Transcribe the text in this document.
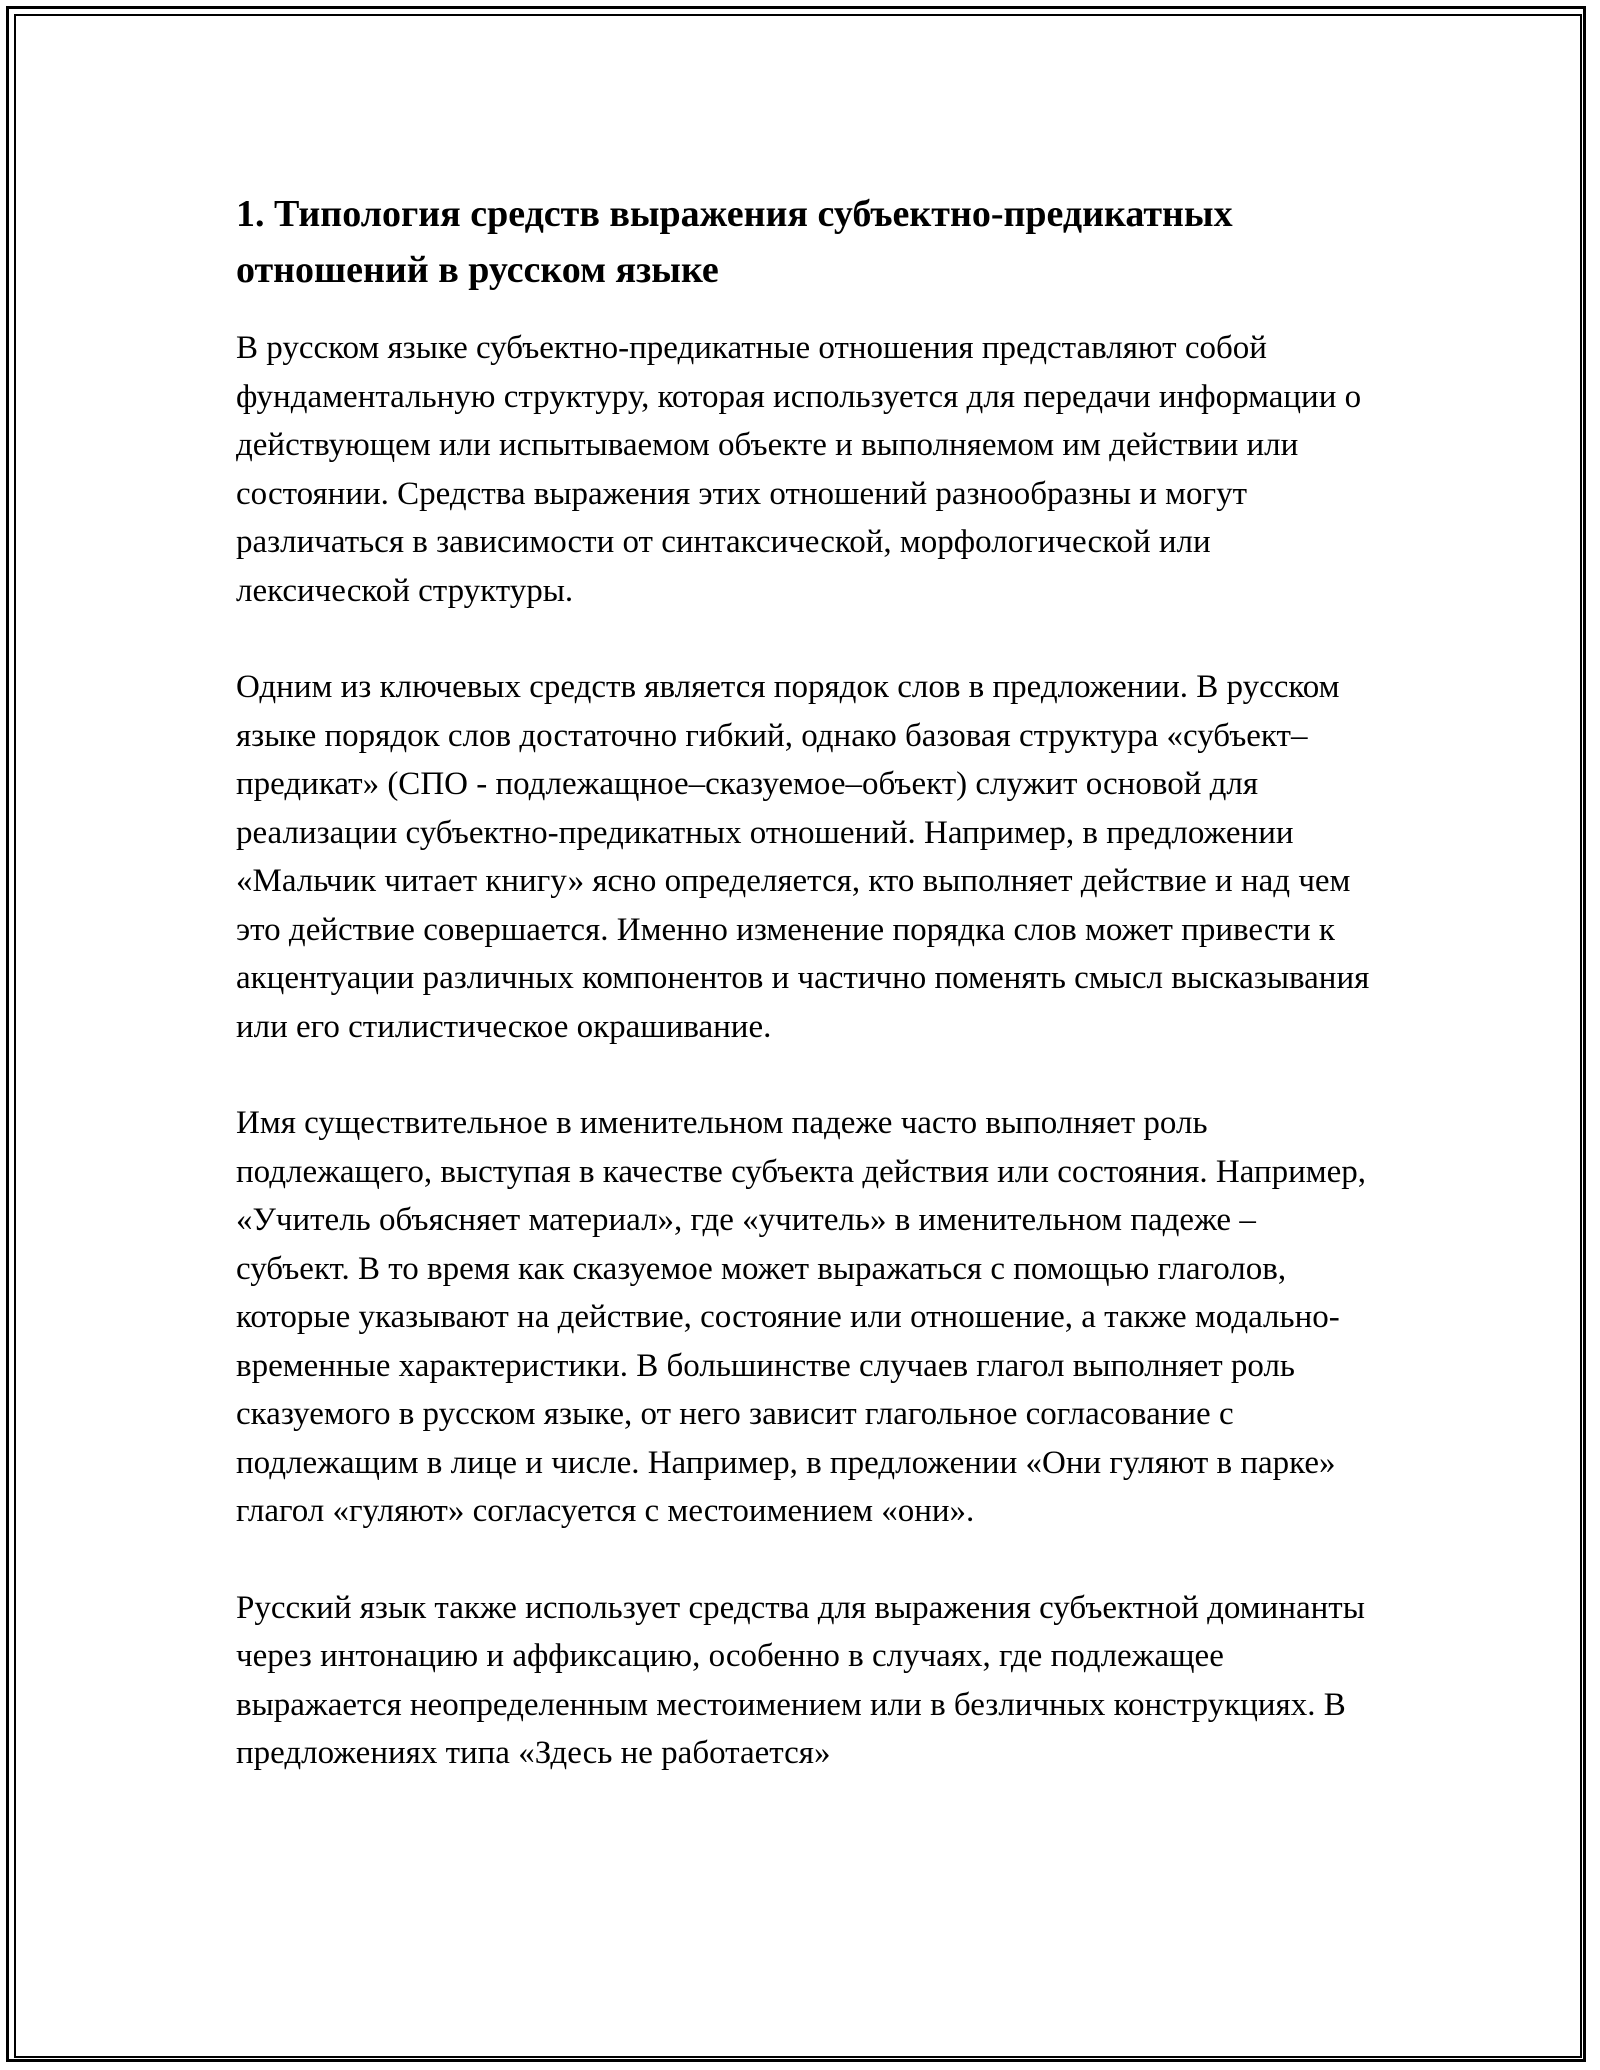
1. Типология средств выражения субъектно-предикатных отношений в русском языке

В русском языке субъектно-предикатные отношения представляют собой фундаментальную структуру, которая используется для передачи информации о действующем или испытываемом объекте и выполняемом им действии или состоянии. Средства выражения этих отношений разнообразны и могут различаться в зависимости от синтаксической, морфологической или лексической структуры.

Одним из ключевых средств является порядок слов в предложении. В русском языке порядок слов достаточно гибкий, однако базовая структура «субъект–предикат» (СПО - подлежащное–сказуемое–объект) служит основой для реализации субъектно-предикатных отношений. Например, в предложении «Мальчик читает книгу» ясно определяется, кто выполняет действие и над чем это действие совершается. Именно изменение порядка слов может привести к акцентуации различных компонентов и частично поменять смысл высказывания или его стилистическое окрашивание.

Имя существительное в именительном падеже часто выполняет роль подлежащего, выступая в качестве субъекта действия или состояния. Например, «Учитель объясняет материал», где «учитель» в именительном падеже – субъект. В то время как сказуемое может выражаться с помощью глаголов, которые указывают на действие, состояние или отношение, а также модально-временные характеристики. В большинстве случаев глагол выполняет роль сказуемого в русском языке, от него зависит глагольное согласование с подлежащим в лице и числе. Например, в предложении «Они гуляют в парке» глагол «гуляют» согласуется с местоимением «они».

Русский язык также использует средства для выражения субъектной доминанты через интонацию и аффиксацию, особенно в случаях, где подлежащее выражается неопределенным местоимением или в безличных конструкциях. В предложениях типа «Здесь не работается»
